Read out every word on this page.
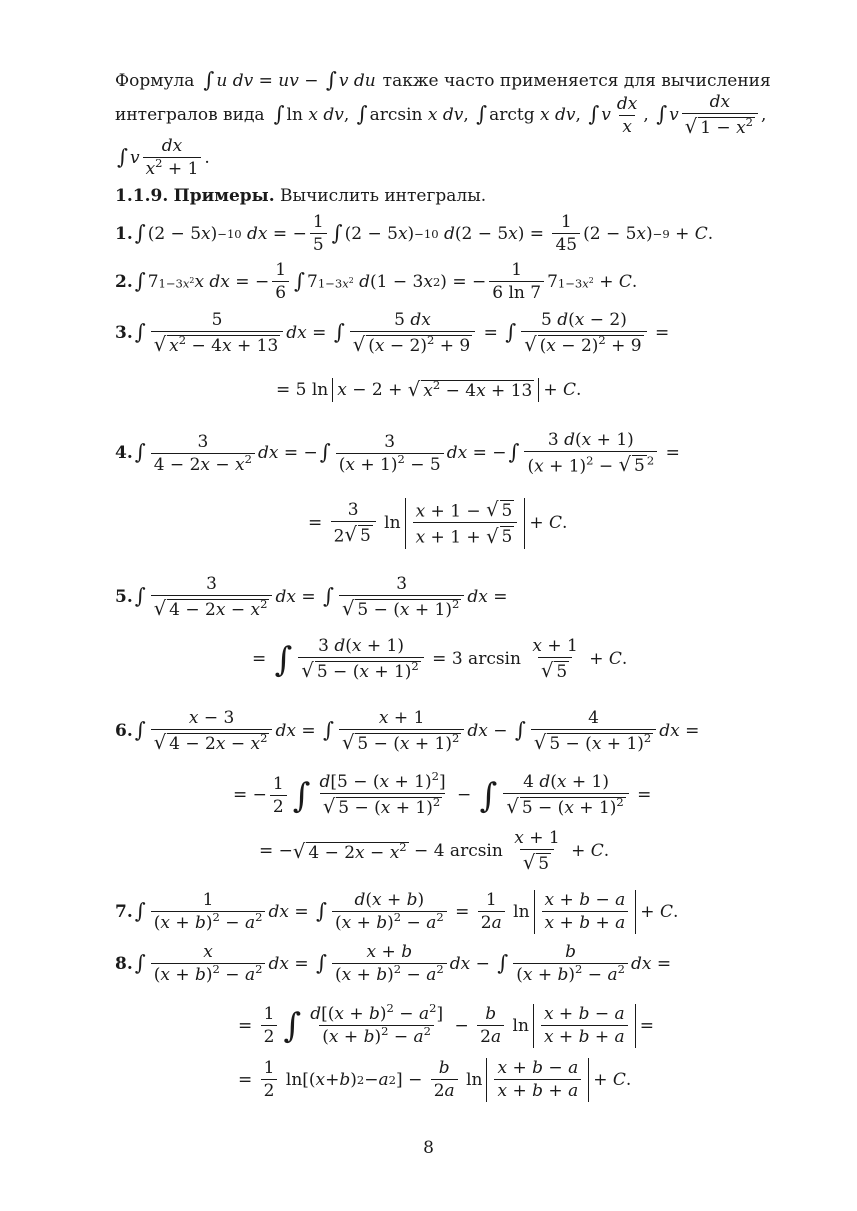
Формула ∫ u dv = uv − ∫ v du также часто применяется для вычисления
интегралов вида ∫ ln x dv , ∫ arcsin x dv , ∫ arctg x dv , ∫ v
dx
x
, ∫ v
dx
√ $1 - x^2$ ,
∫ v
dx
$x^2 + 1$
.
1.1.9.
Примеры.
Вычислить интегралы.
1. ∫ (2 − 5 x ) −10
dx = −
1
5
∫ (2 − 5 x ) −10
d (2 − 5 x ) =
1
45
(2 − 5 x ) −9 + C .
2. ∫ 7 $1-3x^2$ x dx = −
1
6
∫ 7 $1-3x^2$
d (1 − 3 x 2 ) = −
1
6 ln 7
7 $1-3x^2 + C$ .
3. ∫
5
√ $x^2 - 4x + 13$
dx = ∫
5 dx
√ $(x - 2)^2 + 9$
= ∫
5 d(x − 2)
√ $(x - 2)^2 + 9$
=
= 5 ln x − 2 + √ $x^2 - 4x + 13 + C$ .
4. ∫	3
$4 - 2x - x^2$ dx = − ∫	3
$(x + 1)^2 - 5$
dx = − ∫
3 d(x + 1)
$(x + 1)^2$ − √ 5 $^2$ =
=
3
2 √ 5
ln
x + 1 − √ 5
x + 1 + √ 5
+ C .
5. ∫
3
√ $4 - 2x - x^2$ dx = ∫
3
√ $5 - (x + 1)^2$ dx =
= ∫ 3 d(x + 1)
√ $5 - (x + 1)^2 = 3$ arcsin
x + 1
√ 5
+ C .
6. ∫
x − 3
√ $4 - 2x - x^2$ dx = ∫
x + 1
√ $5 - (x + 1)^2$ dx − ∫
4
√ $5 - (x + 1)^2$ dx =
= −
1
2 ∫ $d[5 - (x + 1)^2]$
√ $5 - (x + 1)^2$ − ∫ 4 d(x + 1)
√ $5 - (x + 1)^2$ =
= − √ $4 - 2x - x^2 - 4$ arcsin
x + 1
√ 5
+ C .
7. ∫	1
$(x + b)^2 - a^2$ dx = ∫ d(x + b)
$(x + b)^2 - a^2$ =
1
2a
ln
x + b − a
x + b + a
+ C .
8. ∫	x
$(x + b)^2 - a^2$ dx = ∫ x + b
$(x + b)^2 - a^2$ dx − ∫	b
$(x + b)^2 - a^2$ dx =
=
1
2 ∫ $d[(x + b)^2 - a^2]$
$(x + b)^2 - a^2$ −
b
2a
ln
x + b − a
x + b + a
=
=
1
2
ln[( x + b ) 2 − a 2 ] −
b
2a
ln
x + b − a
x + b + a
+ C .
8
